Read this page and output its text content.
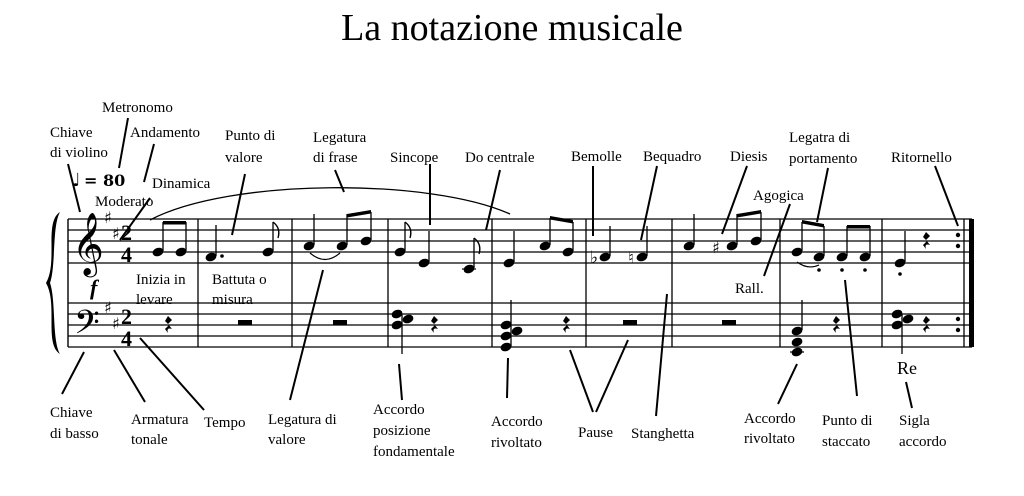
La notazione musicale
𝄞
𝄢
♯
♯
♯
♯
2
4
2
4
♩ = 80
Moderato
f
♭ ♮
♯
Rall.
Re
Metronomo
Chiave
di violino
Andamento
Dinamica
Punto di
valore
Legatura
di frase Sincope Do centrale Bemolle Bequadro Diesis
Legatra di
portamento
Agogica
Ritornello
Inizia in
levare
Battuta o
misura
Chiave
di basso
Armatura
tonale
Tempo Legatura di
valore
Accordo
posizione
fondamentale
Accordo
rivoltato
Pause Stanghetta
Accordo
rivoltato
Punto di
staccato
Sigla
accordo
